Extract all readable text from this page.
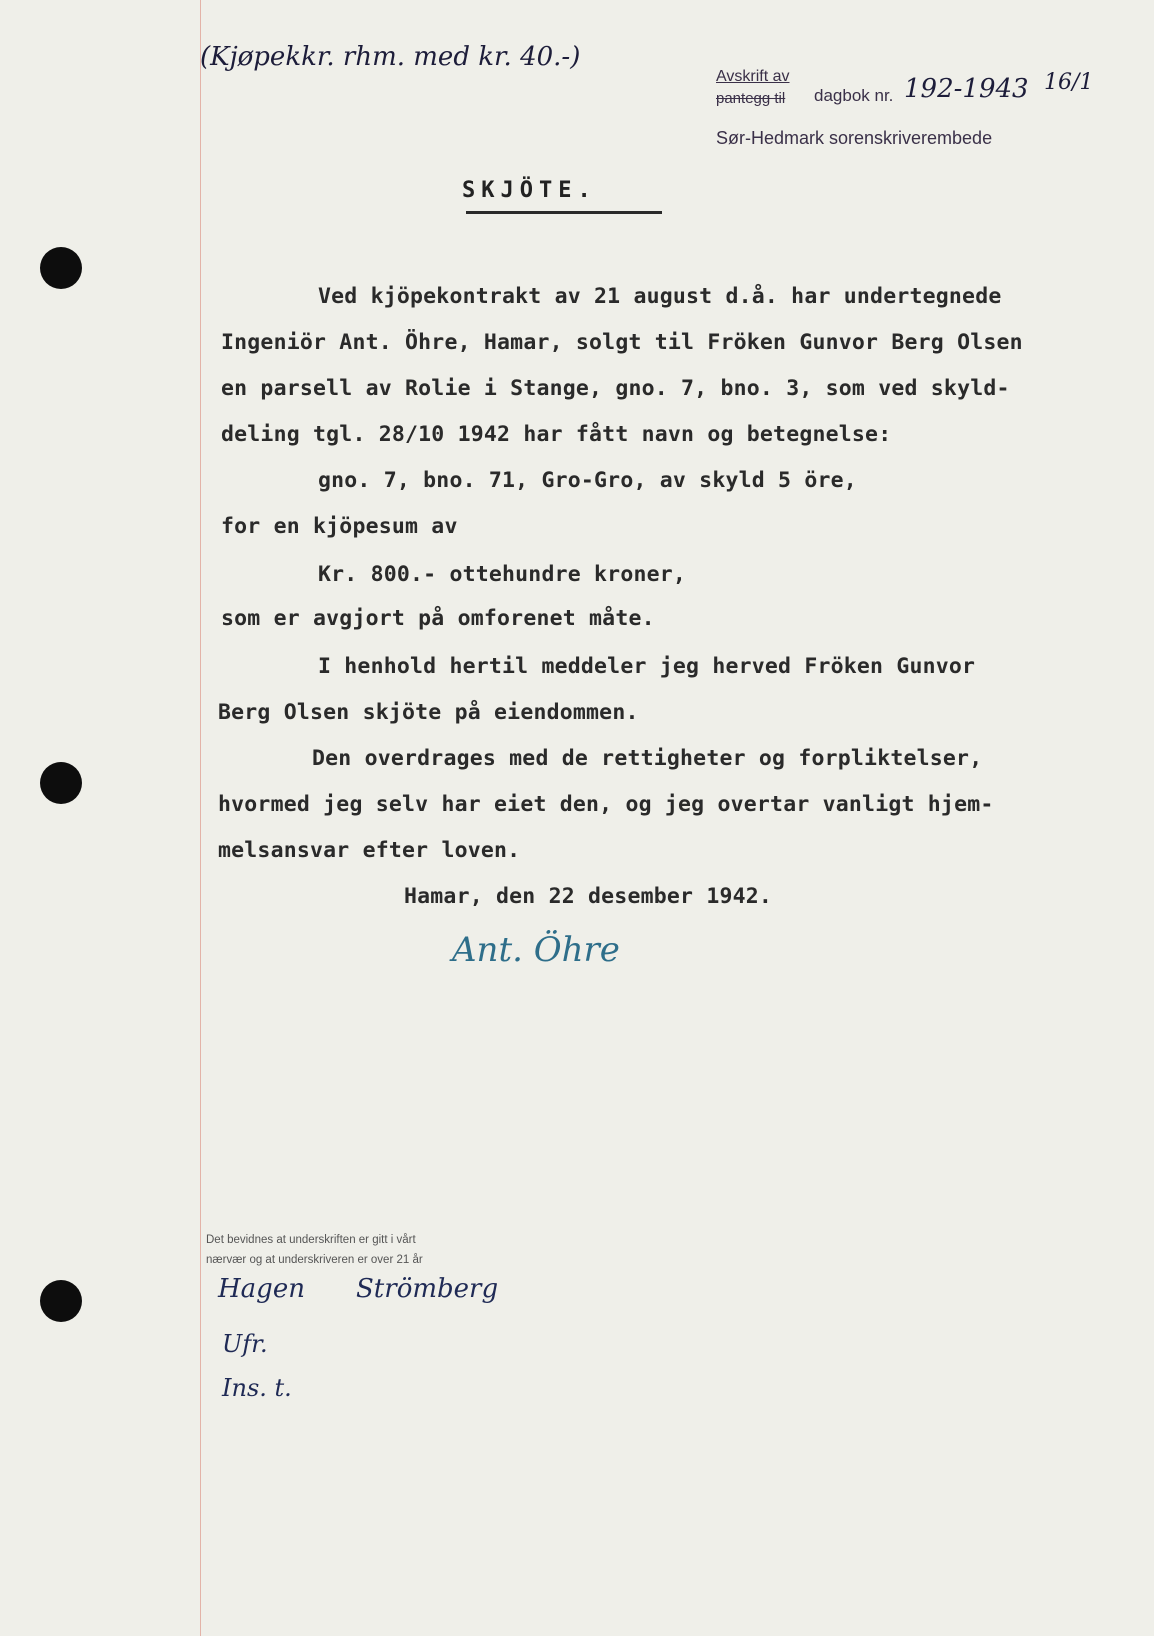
(Kjøpekkr. rhm. med kr. 40.-)
Avskrift av
pantegg til dagbok nr. 192-1943 16/1
Sør-Hedmark sorenskriverembede
SKJÖTE.
Ved kjöpekontrakt av 21 august d.å. har undertegnede
Ingeniör Ant. Öhre, Hamar, solgt til Fröken Gunvor Berg Olsen
en parsell av Rolie i Stange, gno. 7, bno. 3, som ved skyld-
deling tgl. 28/10 1942 har fått navn og betegnelse:
gno. 7, bno. 71, Gro-Gro, av skyld 5 öre,
for en kjöpesum av
Kr. 800.- ottehundre kroner,
som er avgjort på omforenet måte.
I henhold hertil meddeler jeg herved Fröken Gunvor
Berg Olsen skjöte på eiendommen.
Den overdrages med de rettigheter og forpliktelser,
hvormed jeg selv har eiet den, og jeg overtar vanligt hjem-
melsansvar efter loven.
Hamar, den 22 desember 1942.
Ant. Öhre
Det bevidnes at underskriften er gitt i vårt
nærvær og at underskriveren er over 21 år
Hagen Strömberg
Ufr.
Ins. t.
